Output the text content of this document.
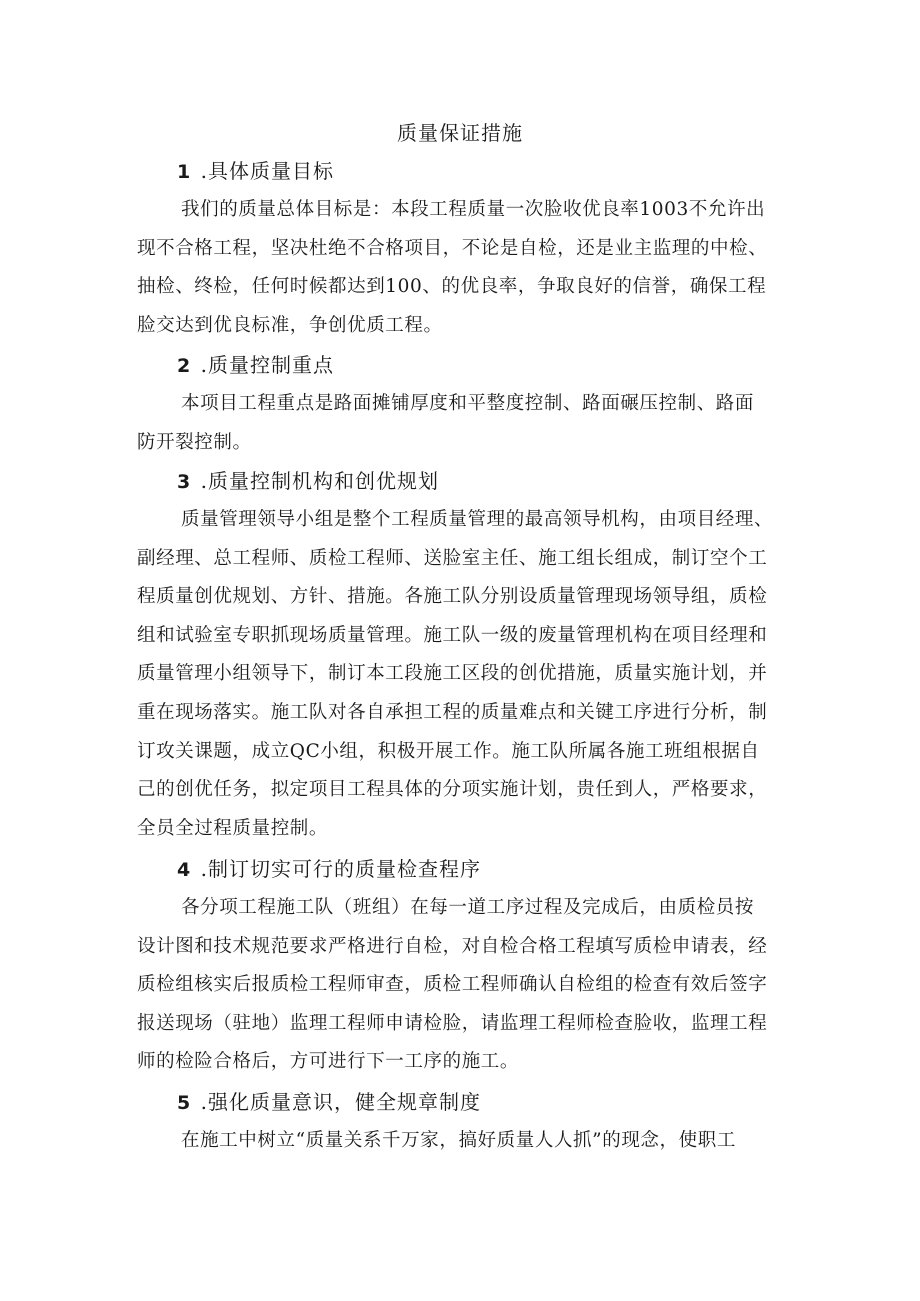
质量保证措施
1 .具体质量目标
我们的质量总体目标是：本段工程质量一次脸收优良率1003不允许出
现不合格工程，坚决杜绝不合格项目，不论是自检，还是业主监理的中检、
抽检、终检，任何时候都达到100、的优良率，争取良好的信誉，确保工程
脸交达到优良标准，争创优质工程。
2 .质量控制重点
本项目工程重点是路面摊铺厚度和平整度控制、路面碾压控制、路面
防开裂控制。
3 .质量控制机构和创优规划
质量管理领导小组是整个工程质量管理的最高领导机构，由项目经理、
副经理、总工程师、质检工程师、送脸室主任、施工组长组成，制订空个工
程质量创优规划、方针、措施。各施工队分别设质量管理现场领导组，质检
组和试验室专职抓现场质量管理。施工队一级的废量管理机构在项目经理和
质量管理小组领导下，制订本工段施工区段的创优措施，质量实施计划，并
重在现场落实。施工队对各自承担工程的质量难点和关键工序进行分析，制
订攻关课题，成立QC小组，积极开展工作。施工队所属各施工班组根据自
己的创优任务，拟定项目工程具体的分项实施计划，贵任到人，严格要求，
全员全过程质量控制。
4 .制订切实可行的质量检查程序
各分项工程施工队（班组）在每一道工序过程及完成后，由质检员按
设计图和技术规范要求严格进行自检，对自检合格工程填写质检申请表，经
质检组核实后报质检工程师审查，质检工程师确认自检组的检查有效后签字
报送现场（驻地）监理工程师申请检脸，请监理工程师检查脸收，监理工程
师的检险合格后，方可进行下一工序的施工。
5 .强化质量意识，健全规章制度
在施工中树立“质量关系千万家，搞好质量人人抓”的现念，使职工
